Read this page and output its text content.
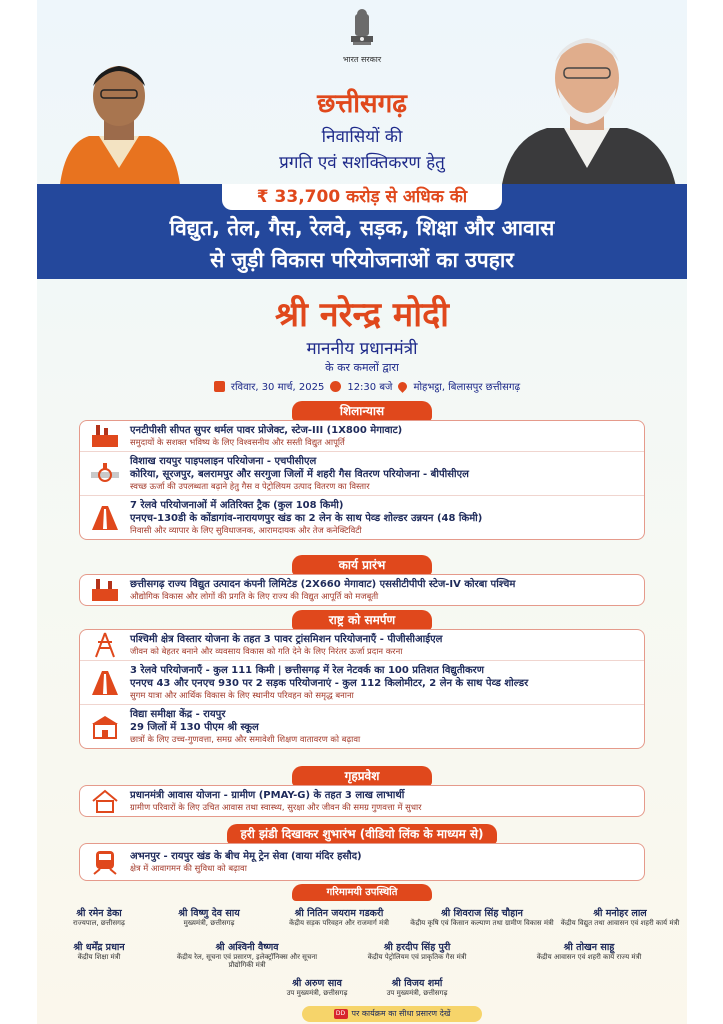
भारत सरकार
छत्तीसगढ़
निवासियों की
प्रगति एवं सशक्तिकरण हेतु
₹ 33,700 करोड़ से अधिक की
विद्युत, तेल, गैस, रेलवे, सड़क, शिक्षा और आवास
से जुड़ी विकास परियोजनाओं का उपहार
श्री नरेन्द्र मोदी
माननीय प्रधानमंत्री
के कर कमलों द्वारा
रविवार, 30 मार्च, 2025 12:30 बजे मोहभट्ठा, बिलासपुर छत्तीसगढ़
शिलान्यास
एनटीपीसी सीपत सुपर थर्मल पावर प्रोजेक्ट, स्टेज-III (1X800 मेगावाट)
समुदायों के सशक्त भविष्य के लिए विश्वसनीय और सस्ती विद्युत आपूर्ति
विशाख रायपुर पाइपलाइन परियोजना - एचपीसीएल
कोरिया, सूरजपुर, बलरामपुर और सरगुजा जिलों में शहरी गैस वितरण परियोजना - बीपीसीएल
स्वच्छ ऊर्जा की उपलब्धता बढ़ाने हेतु गैस व पेट्रोलियम उत्पाद वितरण का विस्तार
7 रेलवे परियोजनाओं में अतिरिक्त ट्रैक (कुल 108 किमी)
एनएच-130डी के कोंडागांव-नारायणपुर खंड का 2 लेन के साथ पेव्ड शोल्डर उन्नयन (48 किमी)
निवासी और व्यापार के लिए सुविधाजनक, आरामदायक और तेज कनेक्टिविटी
कार्य प्रारंभ
छत्तीसगढ़ राज्य विद्युत उत्पादन कंपनी लिमिटेड (2X660 मेगावाट) एससीटीपीपी स्टेज-IV कोरबा पश्चिम
औद्योगिक विकास और लोगों की प्रगति के लिए राज्य की विद्युत आपूर्ति को मजबूती
राष्ट्र को समर्पण
पश्चिमी क्षेत्र विस्तार योजना के तहत 3 पावर ट्रांसमिशन परियोजनाएँ - पीजीसीआईएल
जीवन को बेहतर बनाने और व्यवसाय विकास को गति देने के लिए निरंतर ऊर्जा प्रदान करना
3 रेलवे परियोजनाएँ - कुल 111 किमी | छत्तीसगढ़ में रेल नेटवर्क का 100 प्रतिशत विद्युतीकरण
एनएच 43 और एनएच 930 पर 2 सड़क परियोजनाएं - कुल 112 किलोमीटर, 2 लेन के साथ पेव्ड शोल्डर
सुगम यात्रा और आर्थिक विकास के लिए स्थानीय परिवहन को समृद्ध बनाना
विद्या समीक्षा केंद्र - रायपुर
29 जिलों में 130 पीएम श्री स्कूल
छात्रों के लिए उच्च-गुणवत्ता, समग्र और समावेशी शिक्षण वातावरण को बढ़ावा
गृहप्रवेश
प्रधानमंत्री आवास योजना - ग्रामीण (PMAY-G) के तहत 3 लाख लाभार्थी
ग्रामीण परिवारों के लिए उचित आवास तथा स्वास्थ्य, सुरक्षा और जीवन की समग्र गुणवत्ता में सुधार
हरी झंडी दिखाकर शुभारंभ (वीडियो लिंक के माध्यम से)
अभनपुर - रायपुर खंड के बीच मेमू ट्रेन सेवा (वाया मंदिर हसौद)
क्षेत्र में आवागमन की सुविधा को बढ़ावा
गरिमामयी उपस्थिति
श्री रमेन डेका
राज्यपाल, छत्तीसगढ़
श्री विष्णु देव साय
मुख्यमंत्री, छत्तीसगढ़
श्री नितिन जयराम गडकरी
केंद्रीय सड़क परिवहन और राजमार्ग मंत्री
श्री शिवराज सिंह चौहान
केंद्रीय कृषि एवं किसान कल्याण तथा ग्रामीण विकास मंत्री
श्री मनोहर लाल
केंद्रीय विद्युत तथा आवासन एवं शहरी कार्य मंत्री
श्री धर्मेंद्र प्रधान
केंद्रीय शिक्षा मंत्री
श्री अश्विनी वैष्णव
केंद्रीय रेल, सूचना एवं प्रसारण, इलेक्ट्रॉनिक्स और सूचना प्रौद्योगिकी मंत्री
श्री हरदीप सिंह पुरी
केंद्रीय पेट्रोलियम एवं प्राकृतिक गैस मंत्री
श्री तोखन साहू
केंद्रीय आवासन एवं शहरी कार्य राज्य मंत्री
श्री अरुण साव
उप मुख्यमंत्री, छत्तीसगढ़
श्री विजय शर्मा
उप मुख्यमंत्री, छत्तीसगढ़
DD पर कार्यक्रम का सीधा प्रसारण देखें
